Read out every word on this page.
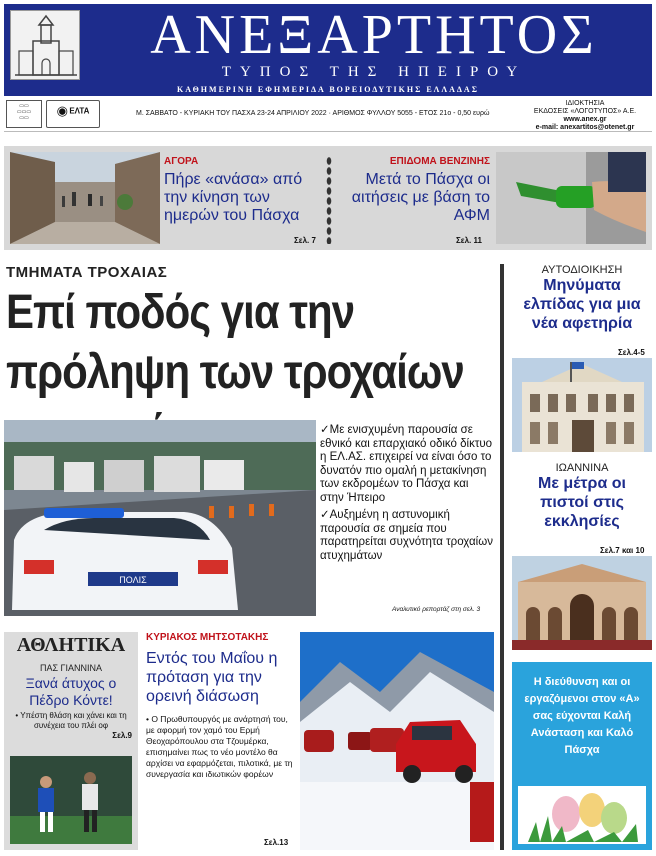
ΑΝΕΞΑΡΤΗΤΟΣ
ΤΥΠΟΣ ΤΗΣ ΗΠΕΙΡΟΥ
ΚΑΘΗΜΕΡΙΝΗ ΕΦΗΜΕΡΙΔΑ ΒΟΡΕΙΟΔΥΤΙΚΗΣ ΕΛΛΑΔΑΣ
▭▭
▭▭▭
▭▭	◉ ΕΛΤΑ	Μ. ΣΑΒΒΑΤΟ - ΚΥΡΙΑΚΗ ΤΟΥ ΠΑΣΧΑ 23-24 ΑΠΡΙΛΙΟΥ 2022 · ΑΡΙΘΜΟΣ ΦΥΛΛΟΥ 5055 - ΕΤΟΣ 21ο - 0,50 ευρώ
ΙΔΙΟΚΤΗΣΙΑ
ΕΚΔΟΣΕΙΣ «ΛΟΓΟΤΥΠΟΣ» Α.Ε.
www.anex.gr
e-mail: anexartitos@otenet.gr
ΑΓΟΡΑ
Πήρε «ανάσα» από την κίνηση των ημερών του Πάσχα
Σελ. 7
ΕΠΙΔΟΜΑ ΒΕΝΖΙΝΗΣ
Μετά το Πάσχα οι αιτήσεις με βάση το ΑΦΜ
Σελ. 11
ΤΜΗΜΑΤΑ ΤΡΟΧΑΙΑΣ
Επί ποδός για την πρόληψη των τροχαίων
ΠΟΛΙΣ

✓Με ενισχυμένη παρουσία σε εθνικό και επαρχιακό οδικό δίκτυο η ΕΛ.ΑΣ. επιχειρεί να είναι όσο το δυνατόν πιο ομαλή η μετακίνηση των εκδρομέων το Πάσχα και στην Ήπειρο

✓Αυξημένη η αστυνομική παρουσία σε σημεία που παρατηρείται συχνότητα τροχαίων ατυχημάτων

Αναλυτικό ρεπορτάζ στη σελ. 3
ΑΥΤΟΔΙΟΙΚΗΣΗ
Μηνύματα ελπίδας για μια νέα αφετηρία
Σελ.4-5
ΙΩΑΝΝΙΝΑ
Με μέτρα οι πιστοί στις εκκλησίες
Σελ.7 και 10
ΑΘΛΗΤΙΚΑ
ΠΑΣ ΓΙΑΝΝΙΝΑ
Ξανά άτυχος ο Πέδρο Κόντε!
• Υπέστη θλάση και χάνει και τη συνέχεια του πλέι οφ
Σελ.9
ΚΥΡΙΑΚΟΣ ΜΗΤΣΟΤΑΚΗΣ
Εντός του Μαΐου η πρόταση για την ορεινή διάσωση
• Ο Πρωθυπουργός με ανάρτησή του, με αφορμή τον χαμό του Ερμή Θεοχαρόπουλου στα Τζουμέρκα, επισημαίνει πως το νέο μοντέλο θα αρχίσει να εφαρμόζεται, πιλοτικά, με τη συνεργασία και ιδιωτικών φορέων
Σελ.13
Η διεύθυνση και οι εργαζόμενοι στον «Α» σας εύχονται Καλή Ανάσταση και Καλό Πάσχα
